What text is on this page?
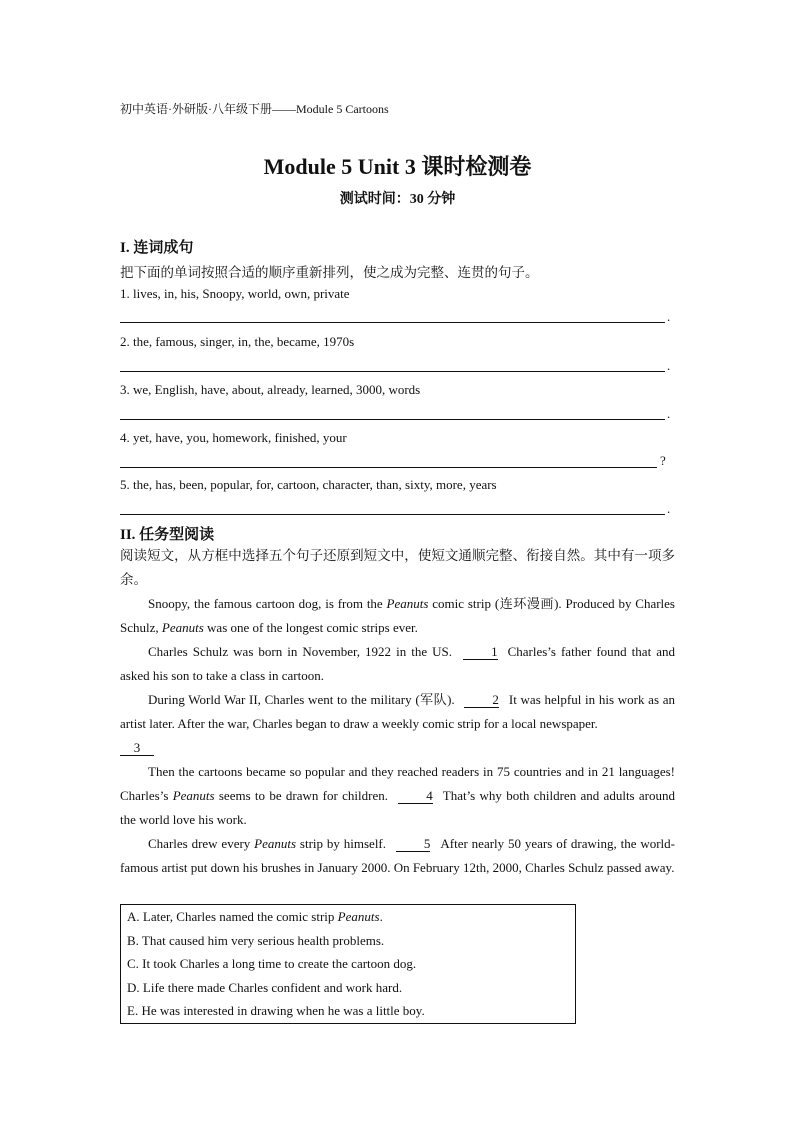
初中英语·外研版·八年级下册——Module 5 Cartoons
Module 5 Unit 3 课时检测卷
测试时间：30 分钟
I. 连词成句
把下面的单词按照合适的顺序重新排列，使之成为完整、连贯的句子。
1. lives, in, his, Snoopy, world, own, private
.
2. the, famous, singer, in, the, became, 1970s
.
3. we, English, have, about, already, learned, 3000, words
.
4. yet, have, you, homework, finished, your
?
5. the, has, been, popular, for, cartoon, character, than, sixty, more, years
.
II. 任务型阅读
阅读短文，从方框中选择五个句子还原到短文中，使短文通顺完整、衔接自然。其中有一项多余。
Snoopy, the famous cartoon dog, is from the Peanuts comic strip (连环漫画). Produced by Charles Schulz, Peanuts was one of the longest comic strips ever.
Charles Schulz was born in November, 1922 in the US.	1 Charles’s father found that and asked his son to take a class in cartoon.
During World War II, Charles went to the military (军队).	2 It was helpful in his work as an artist later. After the war, Charles began to draw a weekly comic strip for a local newspaper.
3
Then the cartoons became so popular and they reached readers in 75 countries and in 21 languages! Charles’s Peanuts seems to be drawn for children.	4 That’s why both children and adults around the world love his work.
Charles drew every Peanuts strip by himself.	5 After nearly 50 years of drawing, the world-famous artist put down his brushes in January 2000. On February 12th, 2000, Charles Schulz passed away.
A. Later, Charles named the comic strip Peanuts.
B. That caused him very serious health problems.
C. It took Charles a long time to create the cartoon dog.
D. Life there made Charles confident and work hard.
E. He was interested in drawing when he was a little boy.
